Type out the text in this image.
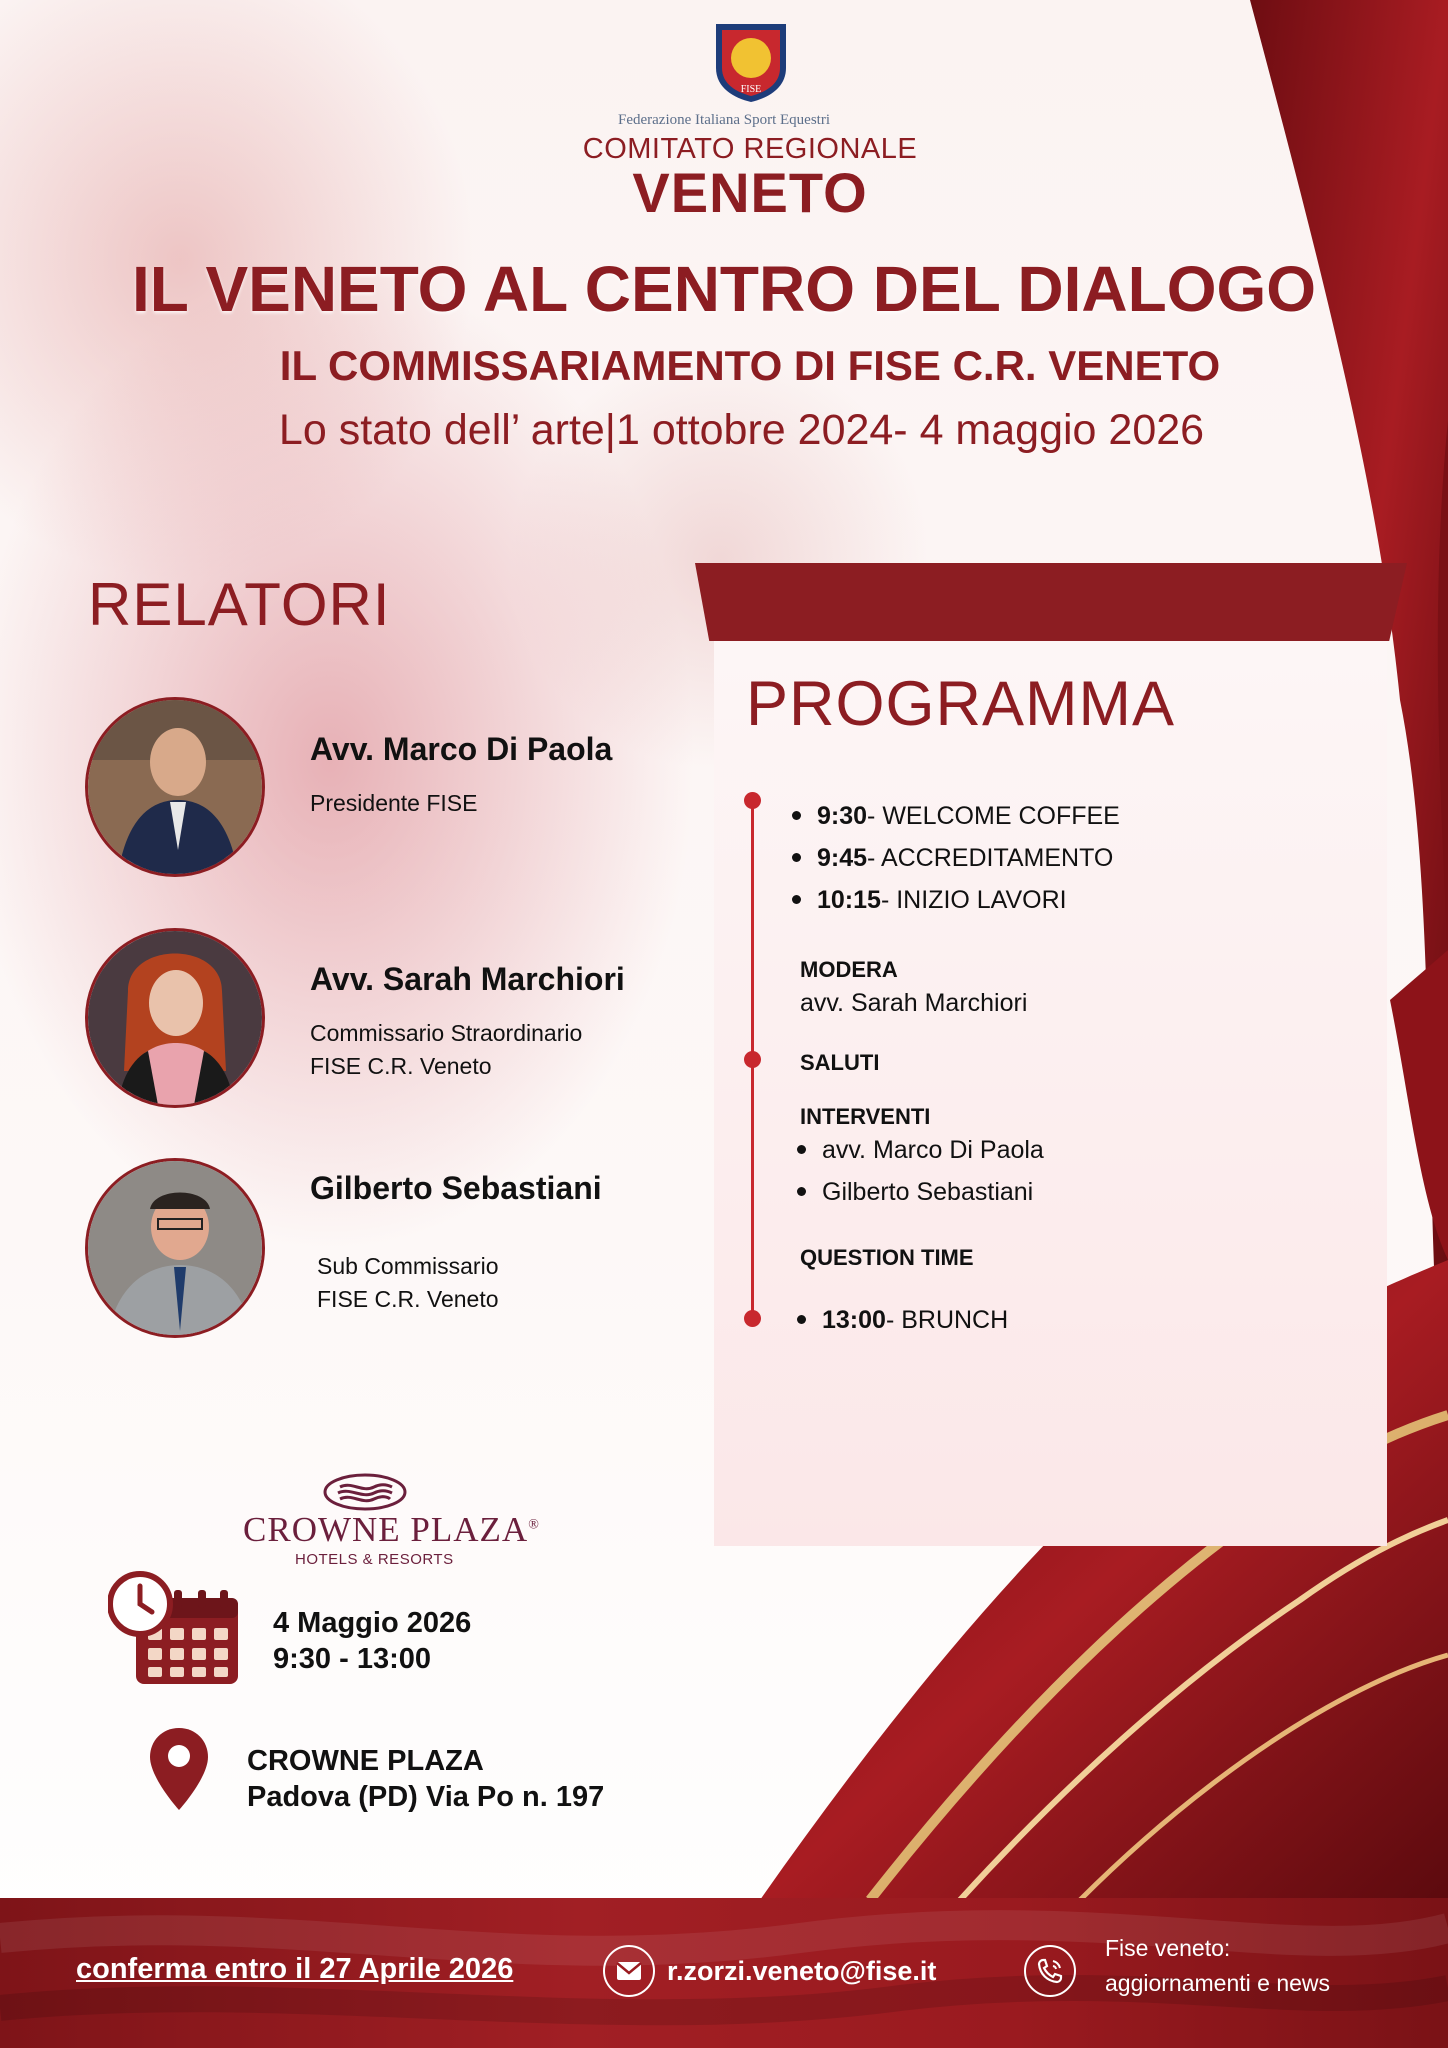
FISE
Federazione Italiana Sport Equestri
COMITATO REGIONALE
VENETO
IL VENETO AL CENTRO DEL DIALOGO
IL COMMISSARIAMENTO DI FISE C.R. VENETO
Lo stato dell’ arte|1 ottobre 2024- 4 maggio 2026
RELATORI
Avv. Marco Di Paola
Presidente FISE
Avv. Sarah Marchiori
Commissario Straordinario
FISE C.R. Veneto
Gilberto Sebastiani
Sub Commissario
FISE C.R. Veneto
PROGRAMMA
9:30- WELCOME COFFEE
9:45- ACCREDITAMENTO
10:15- INIZIO LAVORI
MODERA
avv. Sarah Marchiori
SALUTI
INTERVENTI
avv. Marco Di Paola
Gilberto Sebastiani
QUESTION TIME
13:00- BRUNCH
CROWNE PLAZA®
HOTELS & RESORTS
4 Maggio 2026
9:30 - 13:00
CROWNE PLAZA
Padova (PD) Via Po n. 197
conferma entro il 27 Aprile 2026	r.zorzi.veneto@fise.it
Fise veneto:
aggiornamenti e news
